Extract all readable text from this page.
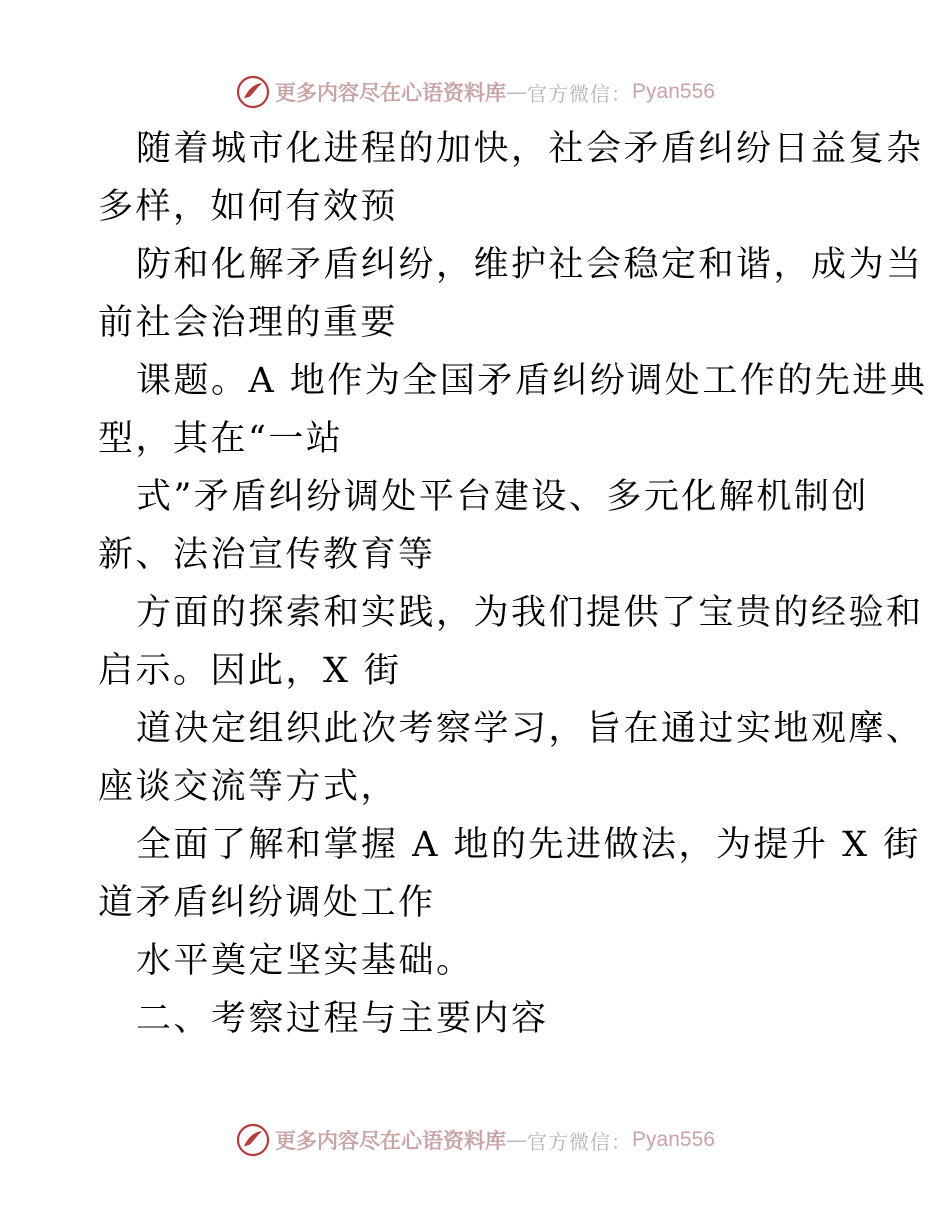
更多内容尽在心语资料库 — 官方微信： Pyan556
随着城市化进程的加快，社会矛盾纠纷日益复杂
多样，如何有效预
防和化解矛盾纠纷，维护社会稳定和谐，成为当
前社会治理的重要
课题。A 地作为全国矛盾纠纷调处工作的先进典
型，其在“一站
式”矛盾纠纷调处平台建设、多元化解机制创
新、法治宣传教育等
方面的探索和实践，为我们提供了宝贵的经验和
启示。因此，X 街
道决定组织此次考察学习，旨在通过实地观摩、
座谈交流等方式，
全面了解和掌握 A 地的先进做法，为提升 X 街
道矛盾纠纷调处工作
水平奠定坚实基础。
二、考察过程与主要内容
更多内容尽在心语资料库 — 官方微信： Pyan556
